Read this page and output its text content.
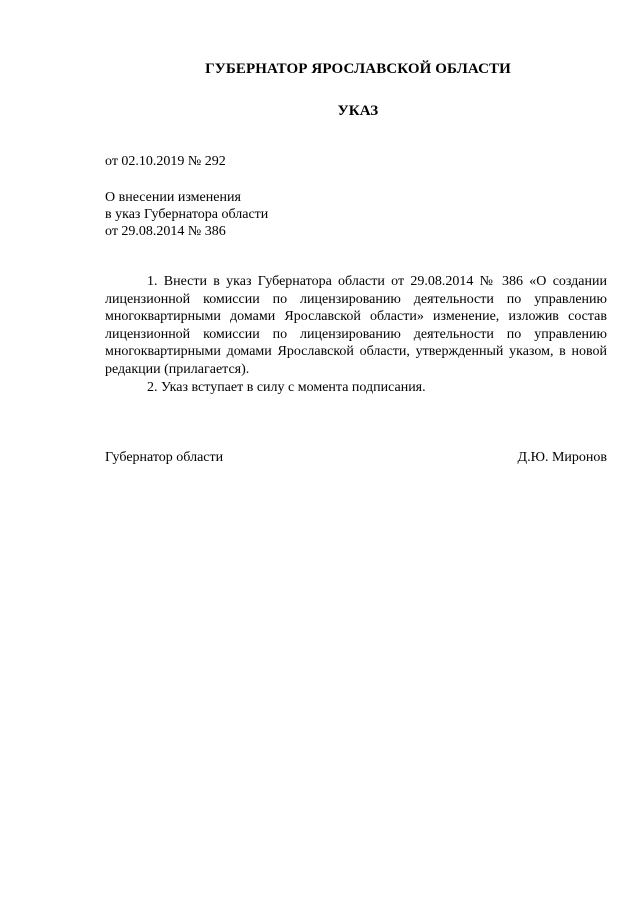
ГУБЕРНАТОР ЯРОСЛАВСКОЙ ОБЛАСТИ
УКАЗ
от 02.10.2019 № 292
О внесении изменения
в указ Губернатора области
от 29.08.2014 № 386

1. Внести в указ Губернатора области от 29.08.2014 № 386 «О создании лицензионной комиссии по лицензированию деятельности по управлению многоквартирными домами Ярославской области» изменение, изложив состав лицензионной комиссии по лицензированию деятельности по управлению многоквартирными домами Ярославской области, утвержденный указом, в новой редакции (прилагается).

2. Указ вступает в силу с момента подписания.

Губернатор области	Д.Ю. Миронов
